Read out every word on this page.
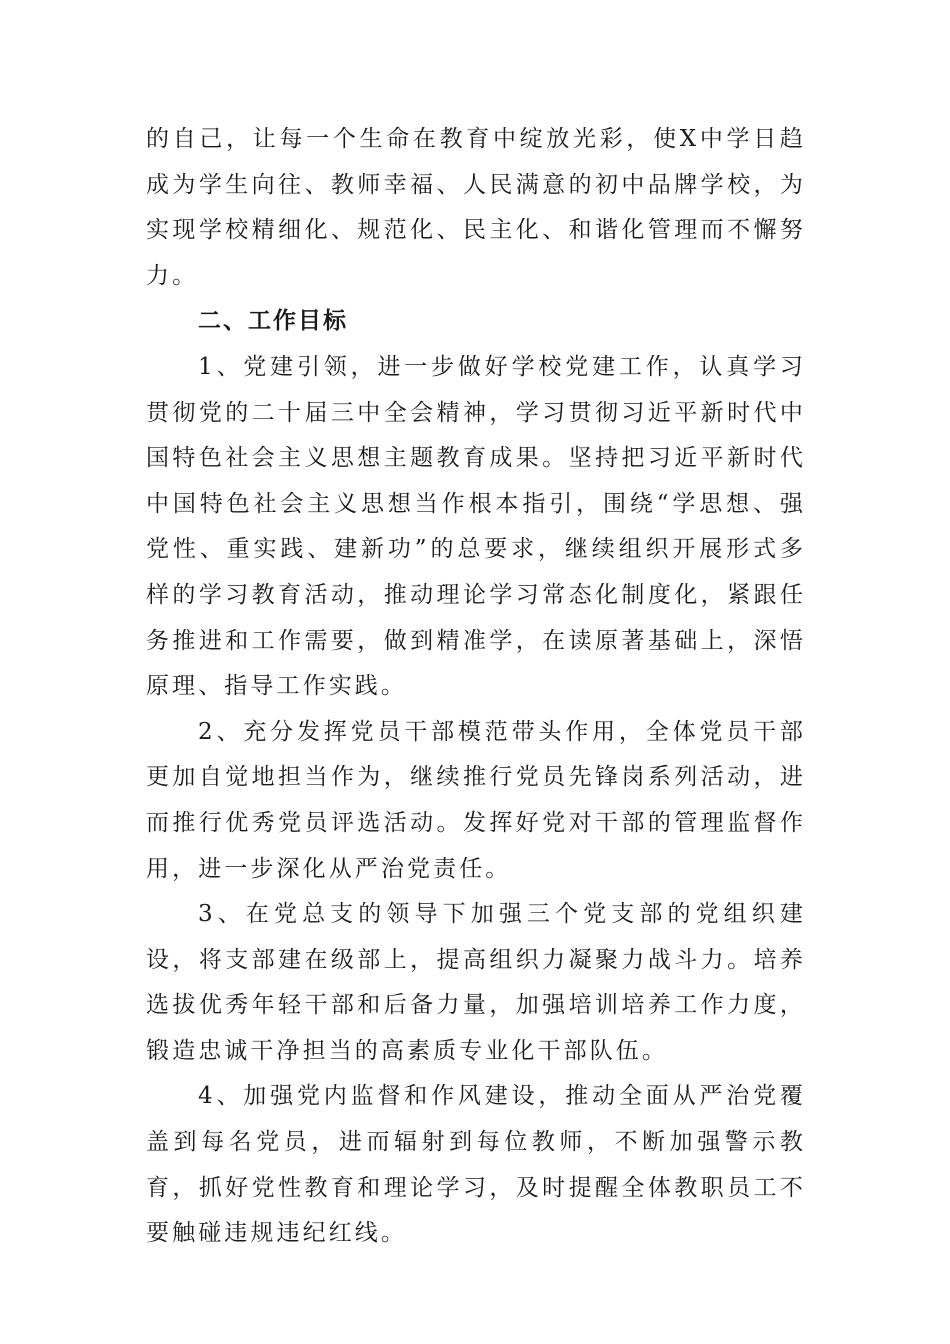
的自己，让每一个生命在教育中绽放光彩，使X中学日趋成为学生向往、教师幸福、人民满意的初中品牌学校，为实现学校精细化、规范化、民主化、和谐化管理而不懈努力。

二、工作目标

1、党建引领，进一步做好学校党建工作，认真学习贯彻党的二十届三中全会精神，学习贯彻习近平新时代中国特色社会主义思想主题教育成果。坚持把习近平新时代中国特色社会主义思想当作根本指引，围绕“学思想、强党性、重实践、建新功”的总要求，继续组织开展形式多样的学习教育活动，推动理论学习常态化制度化，紧跟任务推进和工作需要，做到精准学，在读原著基础上，深悟原理、指导工作实践。

2、充分发挥党员干部模范带头作用，全体党员干部更加自觉地担当作为，继续推行党员先锋岗系列活动，进而推行优秀党员评选活动。发挥好党对干部的管理监督作用，进一步深化从严治党责任。

3、在党总支的领导下加强三个党支部的党组织建设，将支部建在级部上，提高组织力凝聚力战斗力。培养选拔优秀年轻干部和后备力量，加强培训培养工作力度，锻造忠诚干净担当的高素质专业化干部队伍。

4、加强党内监督和作风建设，推动全面从严治党覆盖到每名党员，进而辐射到每位教师，不断加强警示教育，抓好党性教育和理论学习，及时提醒全体教职员工不要触碰违规违纪红线。
